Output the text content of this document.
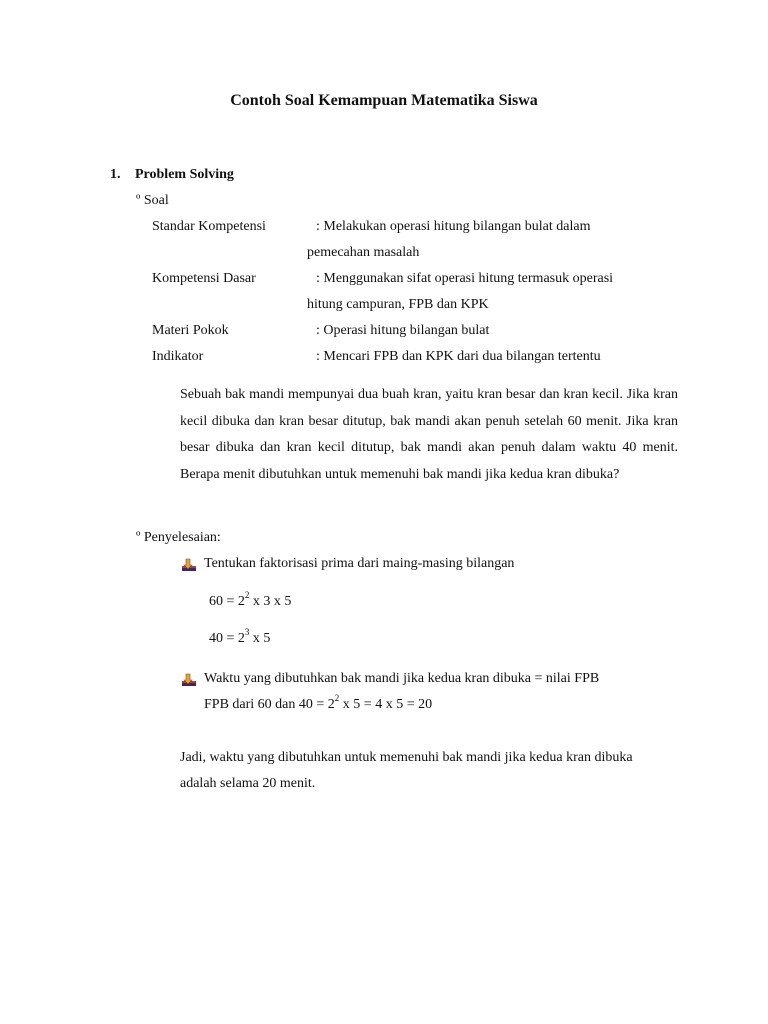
Contoh Soal Kemampuan Matematika Siswa
1. Problem Solving
º Soal
Standar Kompetensi	: Melakukan operasi hitung bilangan bulat dalam
pemecahan masalah
Kompetensi Dasar	: Menggunakan sifat operasi hitung termasuk operasi
hitung campuran, FPB dan KPK
Materi Pokok	: Operasi hitung bilangan bulat
Indikator	: Mencari FPB dan KPK dari dua bilangan tertentu
Sebuah bak mandi mempunyai dua buah kran, yaitu kran besar dan kran kecil. Jika kran kecil dibuka dan kran besar ditutup, bak mandi akan penuh setelah 60 menit. Jika kran besar dibuka dan kran kecil ditutup, bak mandi akan penuh dalam waktu 40 menit. Berapa menit dibutuhkan untuk memenuhi bak mandi jika kedua kran dibuka?
º Penyelesaian:
Tentukan faktorisasi prima dari maing-masing bilangan
$60 = 2^2$ x 3 x 5
$40 = 2^3$ x 5
Waktu yang dibutuhkan bak mandi jika kedua kran dibuka = nilai FPB
FPB dari 60 dan $40 = 2^2$ x 5 = 4 x 5 = 20
Jadi, waktu yang dibutuhkan untuk memenuhi bak mandi jika kedua kran dibuka
adalah selama 20 menit.
